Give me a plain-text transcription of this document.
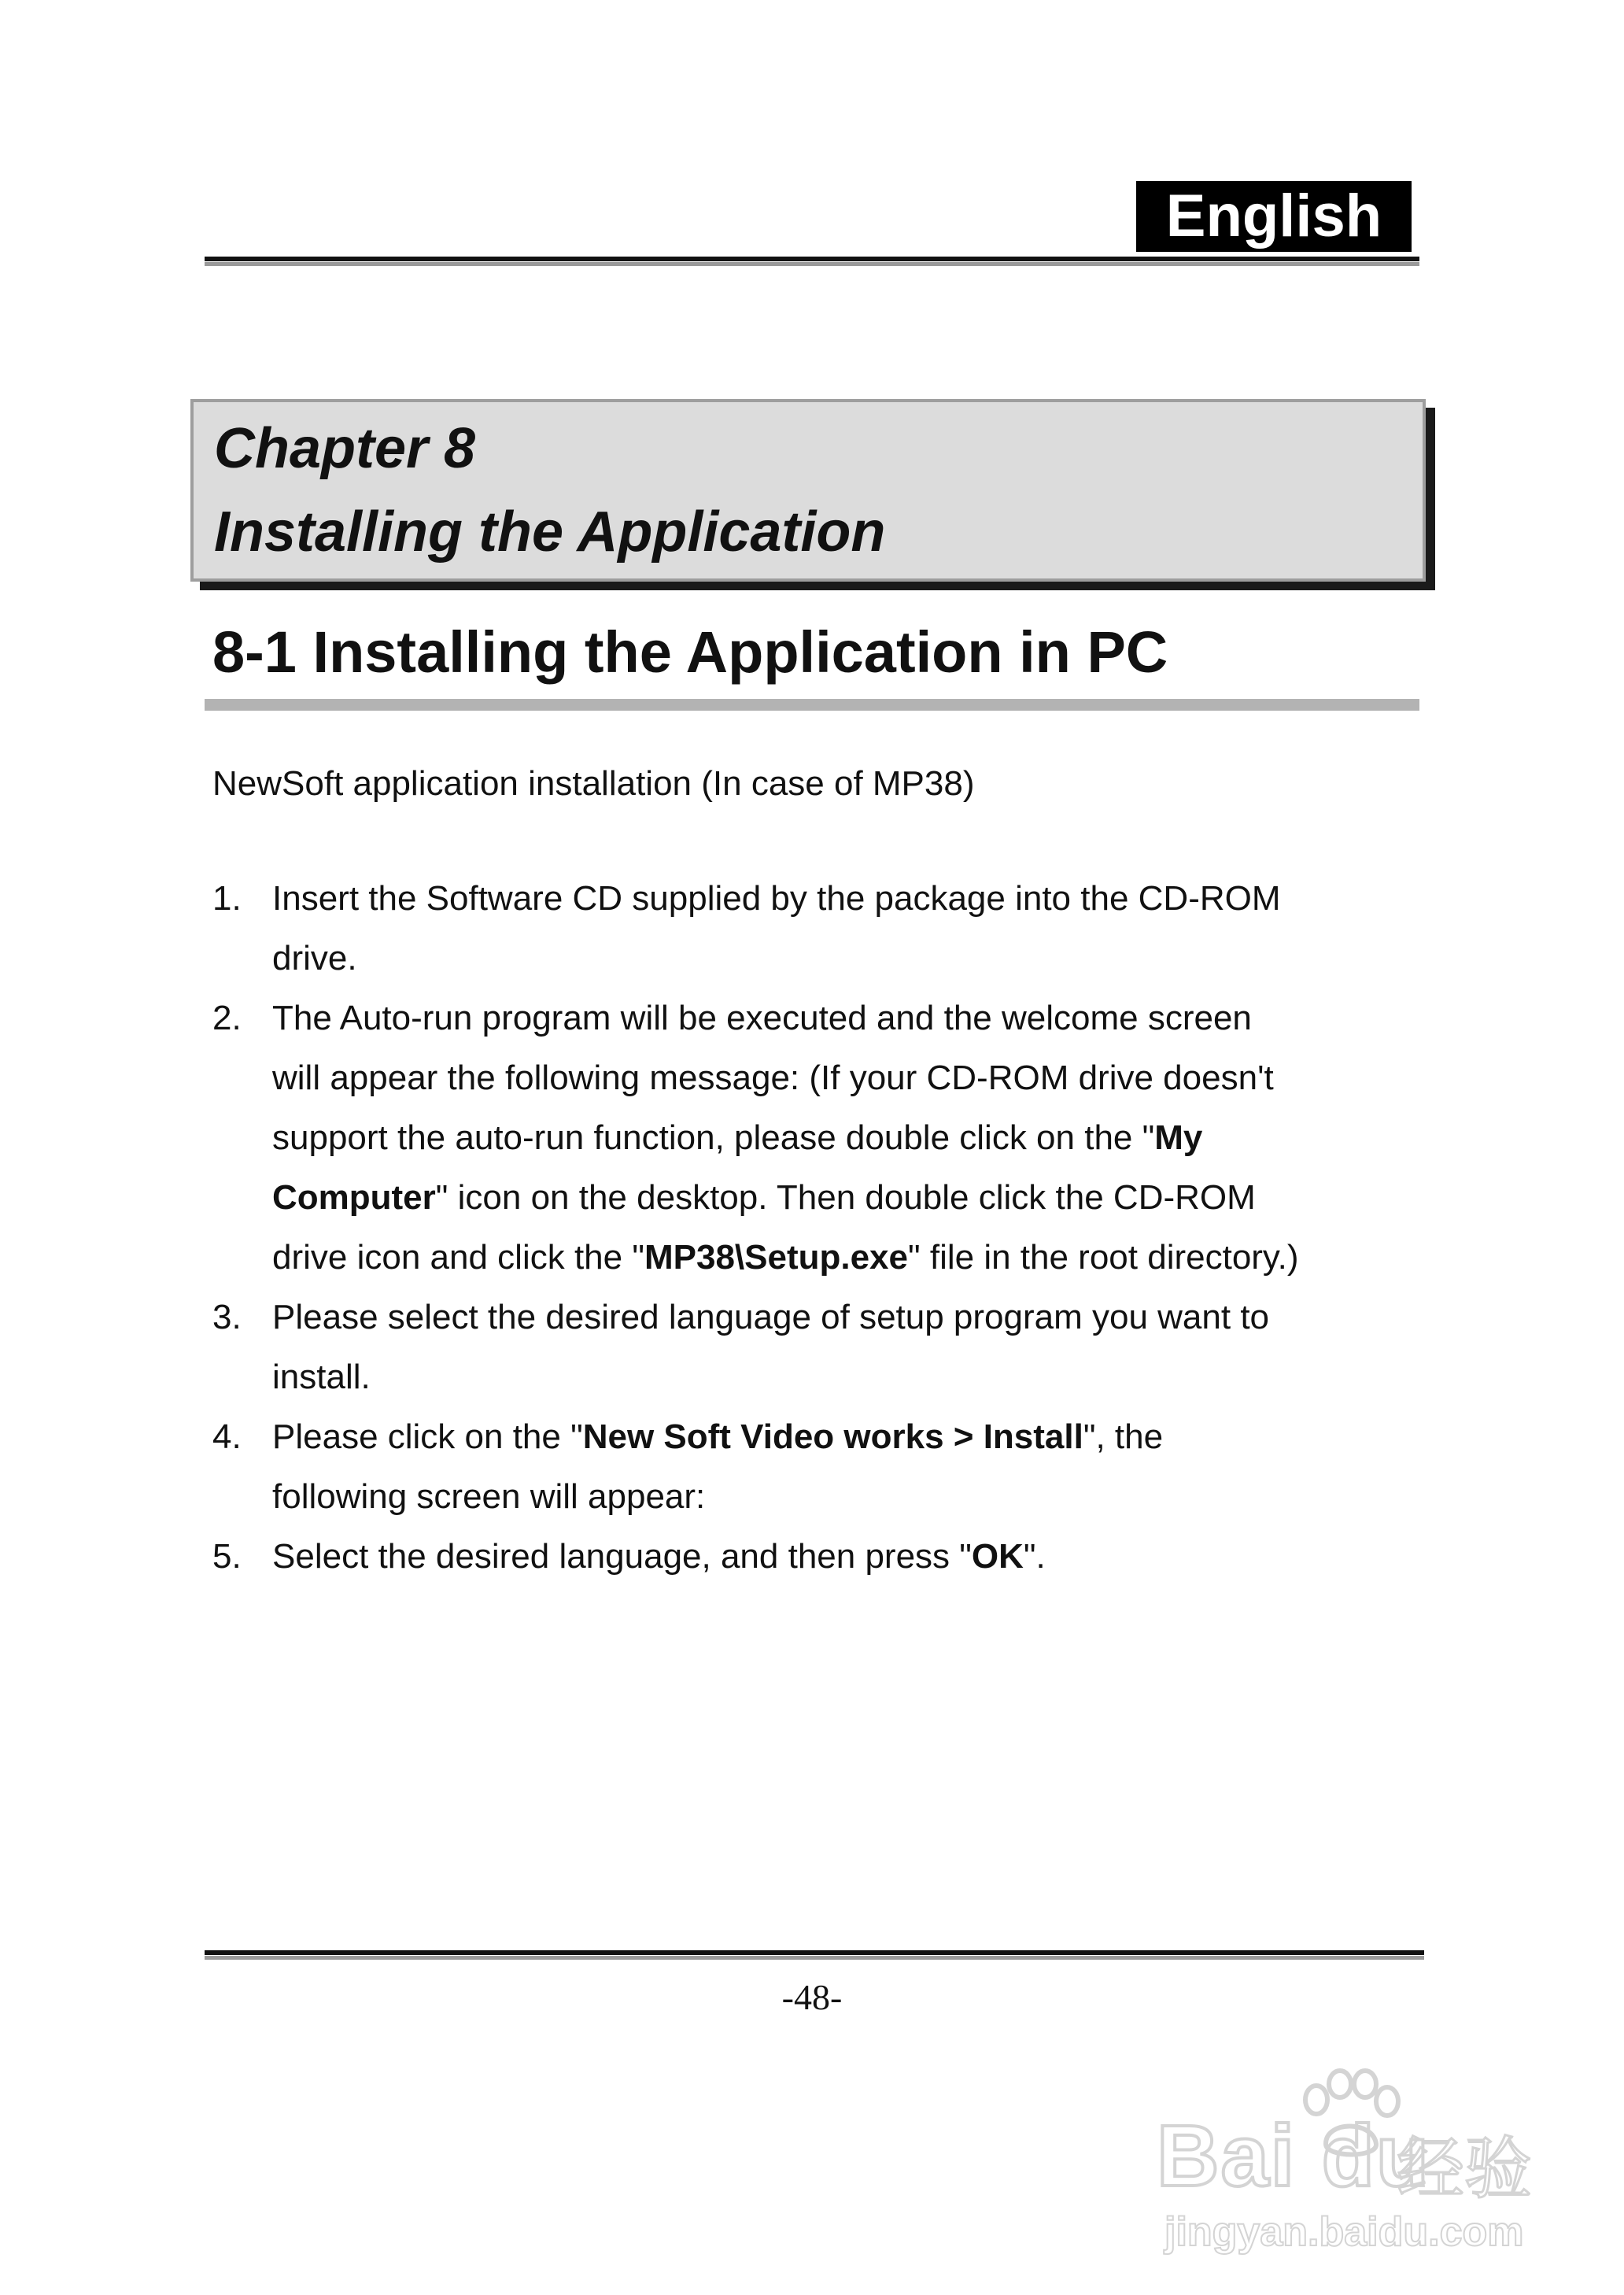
English
Chapter 8
Installing the Application
8-1 Installing the Application in PC
NewSoft application installation (In case of MP38)
1. Insert the Software CD supplied by the package into the CD-ROM
drive.
2. The Auto-run program will be executed and the welcome screen
will appear the following message: (If your CD-ROM drive doesn't
support the auto-run function, please double click on the "My
Computer" icon on the desktop. Then double click the CD-ROM
drive icon and click the "MP38\Setup.exe" file in the root directory.)
3. Please select the desired language of setup program you want to
install.
4. Please click on the "New Soft Video works > Install", the
following screen will appear:
5. Select the desired language, and then press "OK".
-48-
Bai du
经验
jingyan.baidu.com
